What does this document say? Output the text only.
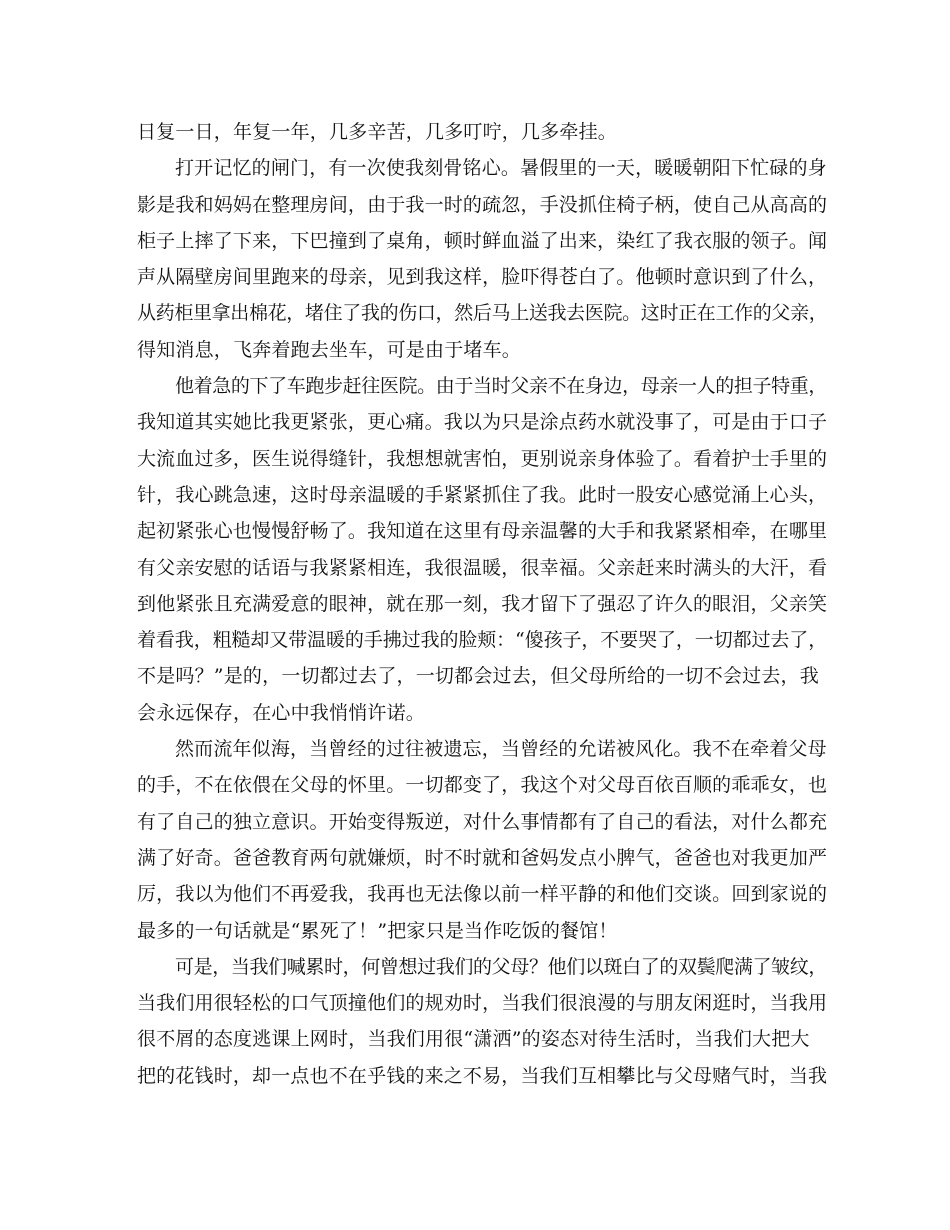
日复一日，年复一年，几多辛苦，几多叮咛，几多牵挂。
打开记忆的闸门，有一次使我刻骨铭心。暑假里的一天，暖暖朝阳下忙碌的身
影是我和妈妈在整理房间，由于我一时的疏忽，手没抓住椅子柄，使自己从高高的
柜子上摔了下来，下巴撞到了桌角，顿时鲜血溢了出来，染红了我衣服的领子。闻
声从隔壁房间里跑来的母亲，见到我这样，脸吓得苍白了。他顿时意识到了什么，
从药柜里拿出棉花，堵住了我的伤口，然后马上送我去医院。这时正在工作的父亲，
得知消息，飞奔着跑去坐车，可是由于堵车。
他着急的下了车跑步赶往医院。由于当时父亲不在身边，母亲一人的担子特重，
我知道其实她比我更紧张，更心痛。我以为只是涂点药水就没事了，可是由于口子
大流血过多，医生说得缝针，我想想就害怕，更别说亲身体验了。看着护士手里的
针，我心跳急速，这时母亲温暖的手紧紧抓住了我。此时一股安心感觉涌上心头，
起初紧张心也慢慢舒畅了。我知道在这里有母亲温馨的大手和我紧紧相牵，在哪里
有父亲安慰的话语与我紧紧相连，我很温暖，很幸福。父亲赶来时满头的大汗，看
到他紧张且充满爱意的眼神，就在那一刻，我才留下了强忍了许久的眼泪，父亲笑
着看我，粗糙却又带温暖的手拂过我的脸颊：“傻孩子，不要哭了，一切都过去了，
不是吗？”是的，一切都过去了，一切都会过去，但父母所给的一切不会过去，我
会永远保存，在心中我悄悄许诺。
然而流年似海，当曾经的过往被遗忘，当曾经的允诺被风化。我不在牵着父母
的手，不在依偎在父母的怀里。一切都变了，我这个对父母百依百顺的乖乖女，也
有了自己的独立意识。开始变得叛逆，对什么事情都有了自己的看法，对什么都充
满了好奇。爸爸教育两句就嫌烦，时不时就和爸妈发点小脾气，爸爸也对我更加严
厉，我以为他们不再爱我，我再也无法像以前一样平静的和他们交谈。回到家说的
最多的一句话就是“累死了！”把家只是当作吃饭的餐馆！
可是，当我们喊累时，何曾想过我们的父母？他们以斑白了的双鬓爬满了皱纹，
当我们用很轻松的口气顶撞他们的规劝时，当我们很浪漫的与朋友闲逛时，当我用
很不屑的态度逃课上网时，当我们用很“潇洒”的姿态对待生活时，当我们大把大
把的花钱时，却一点也不在乎钱的来之不易，当我们互相攀比与父母赌气时，当我
